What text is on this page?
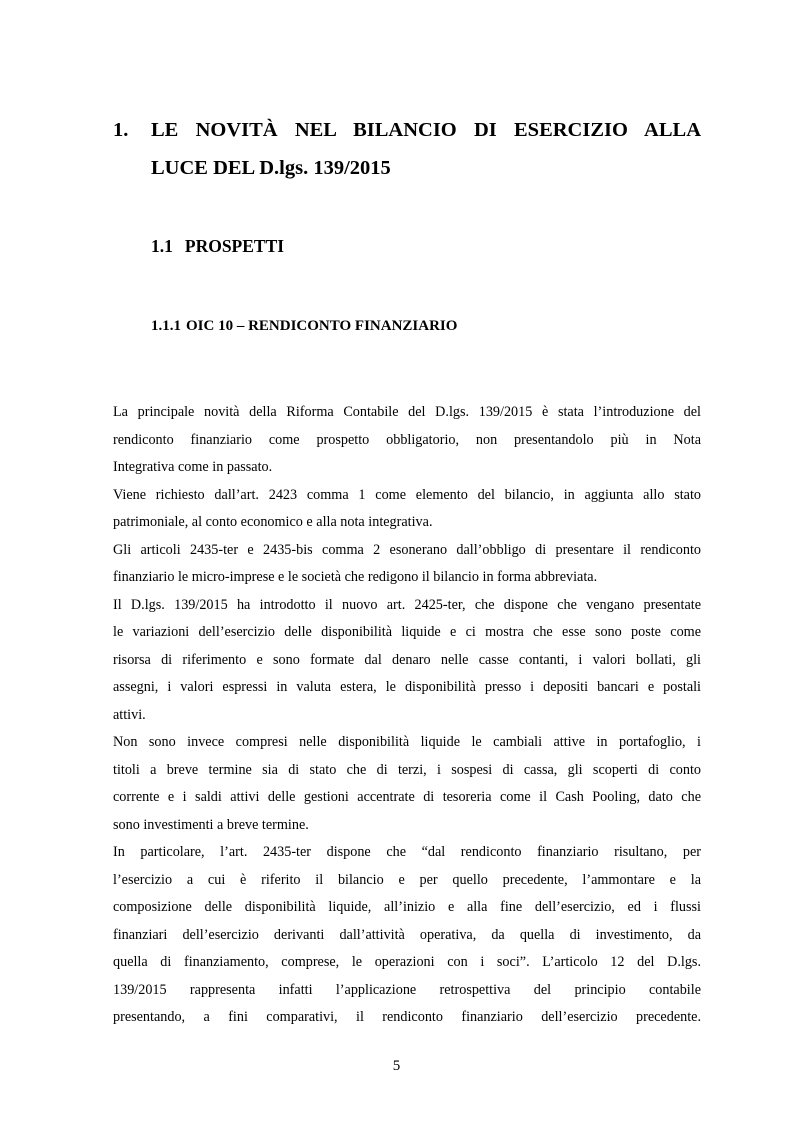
1. LE NOVITÀ NEL BILANCIO DI ESERCIZIO ALLA
LUCE DEL D.lgs. 139/2015
1.1 PROSPETTI
1.1.1 OIC 10 – RENDICONTO FINANZIARIO
La principale novità della Riforma Contabile del D.lgs. 139/2015 è stata l’introduzione del
rendiconto finanziario come prospetto obbligatorio, non presentandolo più in Nota
Integrativa come in passato.
Viene richiesto dall’art. 2423 comma 1 come elemento del bilancio, in aggiunta allo stato
patrimoniale, al conto economico e alla nota integrativa.
Gli articoli 2435-ter e 2435-bis comma 2 esonerano dall’obbligo di presentare il rendiconto
finanziario le micro-imprese e le società che redigono il bilancio in forma abbreviata.
Il D.lgs. 139/2015 ha introdotto il nuovo art. 2425-ter, che dispone che vengano presentate
le variazioni dell’esercizio delle disponibilità liquide e ci mostra che esse sono poste come
risorsa di riferimento e sono formate dal denaro nelle casse contanti, i valori bollati, gli
assegni, i valori espressi in valuta estera, le disponibilità presso i depositi bancari e postali
attivi.
Non sono invece compresi nelle disponibilità liquide le cambiali attive in portafoglio, i
titoli a breve termine sia di stato che di terzi, i sospesi di cassa, gli scoperti di conto
corrente e i saldi attivi delle gestioni accentrate di tesoreria come il Cash Pooling, dato che
sono investimenti a breve termine.
In particolare, l’art. 2435-ter dispone che “dal rendiconto finanziario risultano, per
l’esercizio a cui è riferito il bilancio e per quello precedente, l’ammontare e la
composizione delle disponibilità liquide, all’inizio e alla fine dell’esercizio, ed i flussi
finanziari dell’esercizio derivanti dall’attività operativa, da quella di investimento, da
quella di finanziamento, comprese, le operazioni con i soci”. L’articolo 12 del D.lgs.
139/2015 rappresenta infatti l’applicazione retrospettiva del principio contabile
presentando, a fini comparativi, il rendiconto finanziario dell’esercizio precedente.
5
